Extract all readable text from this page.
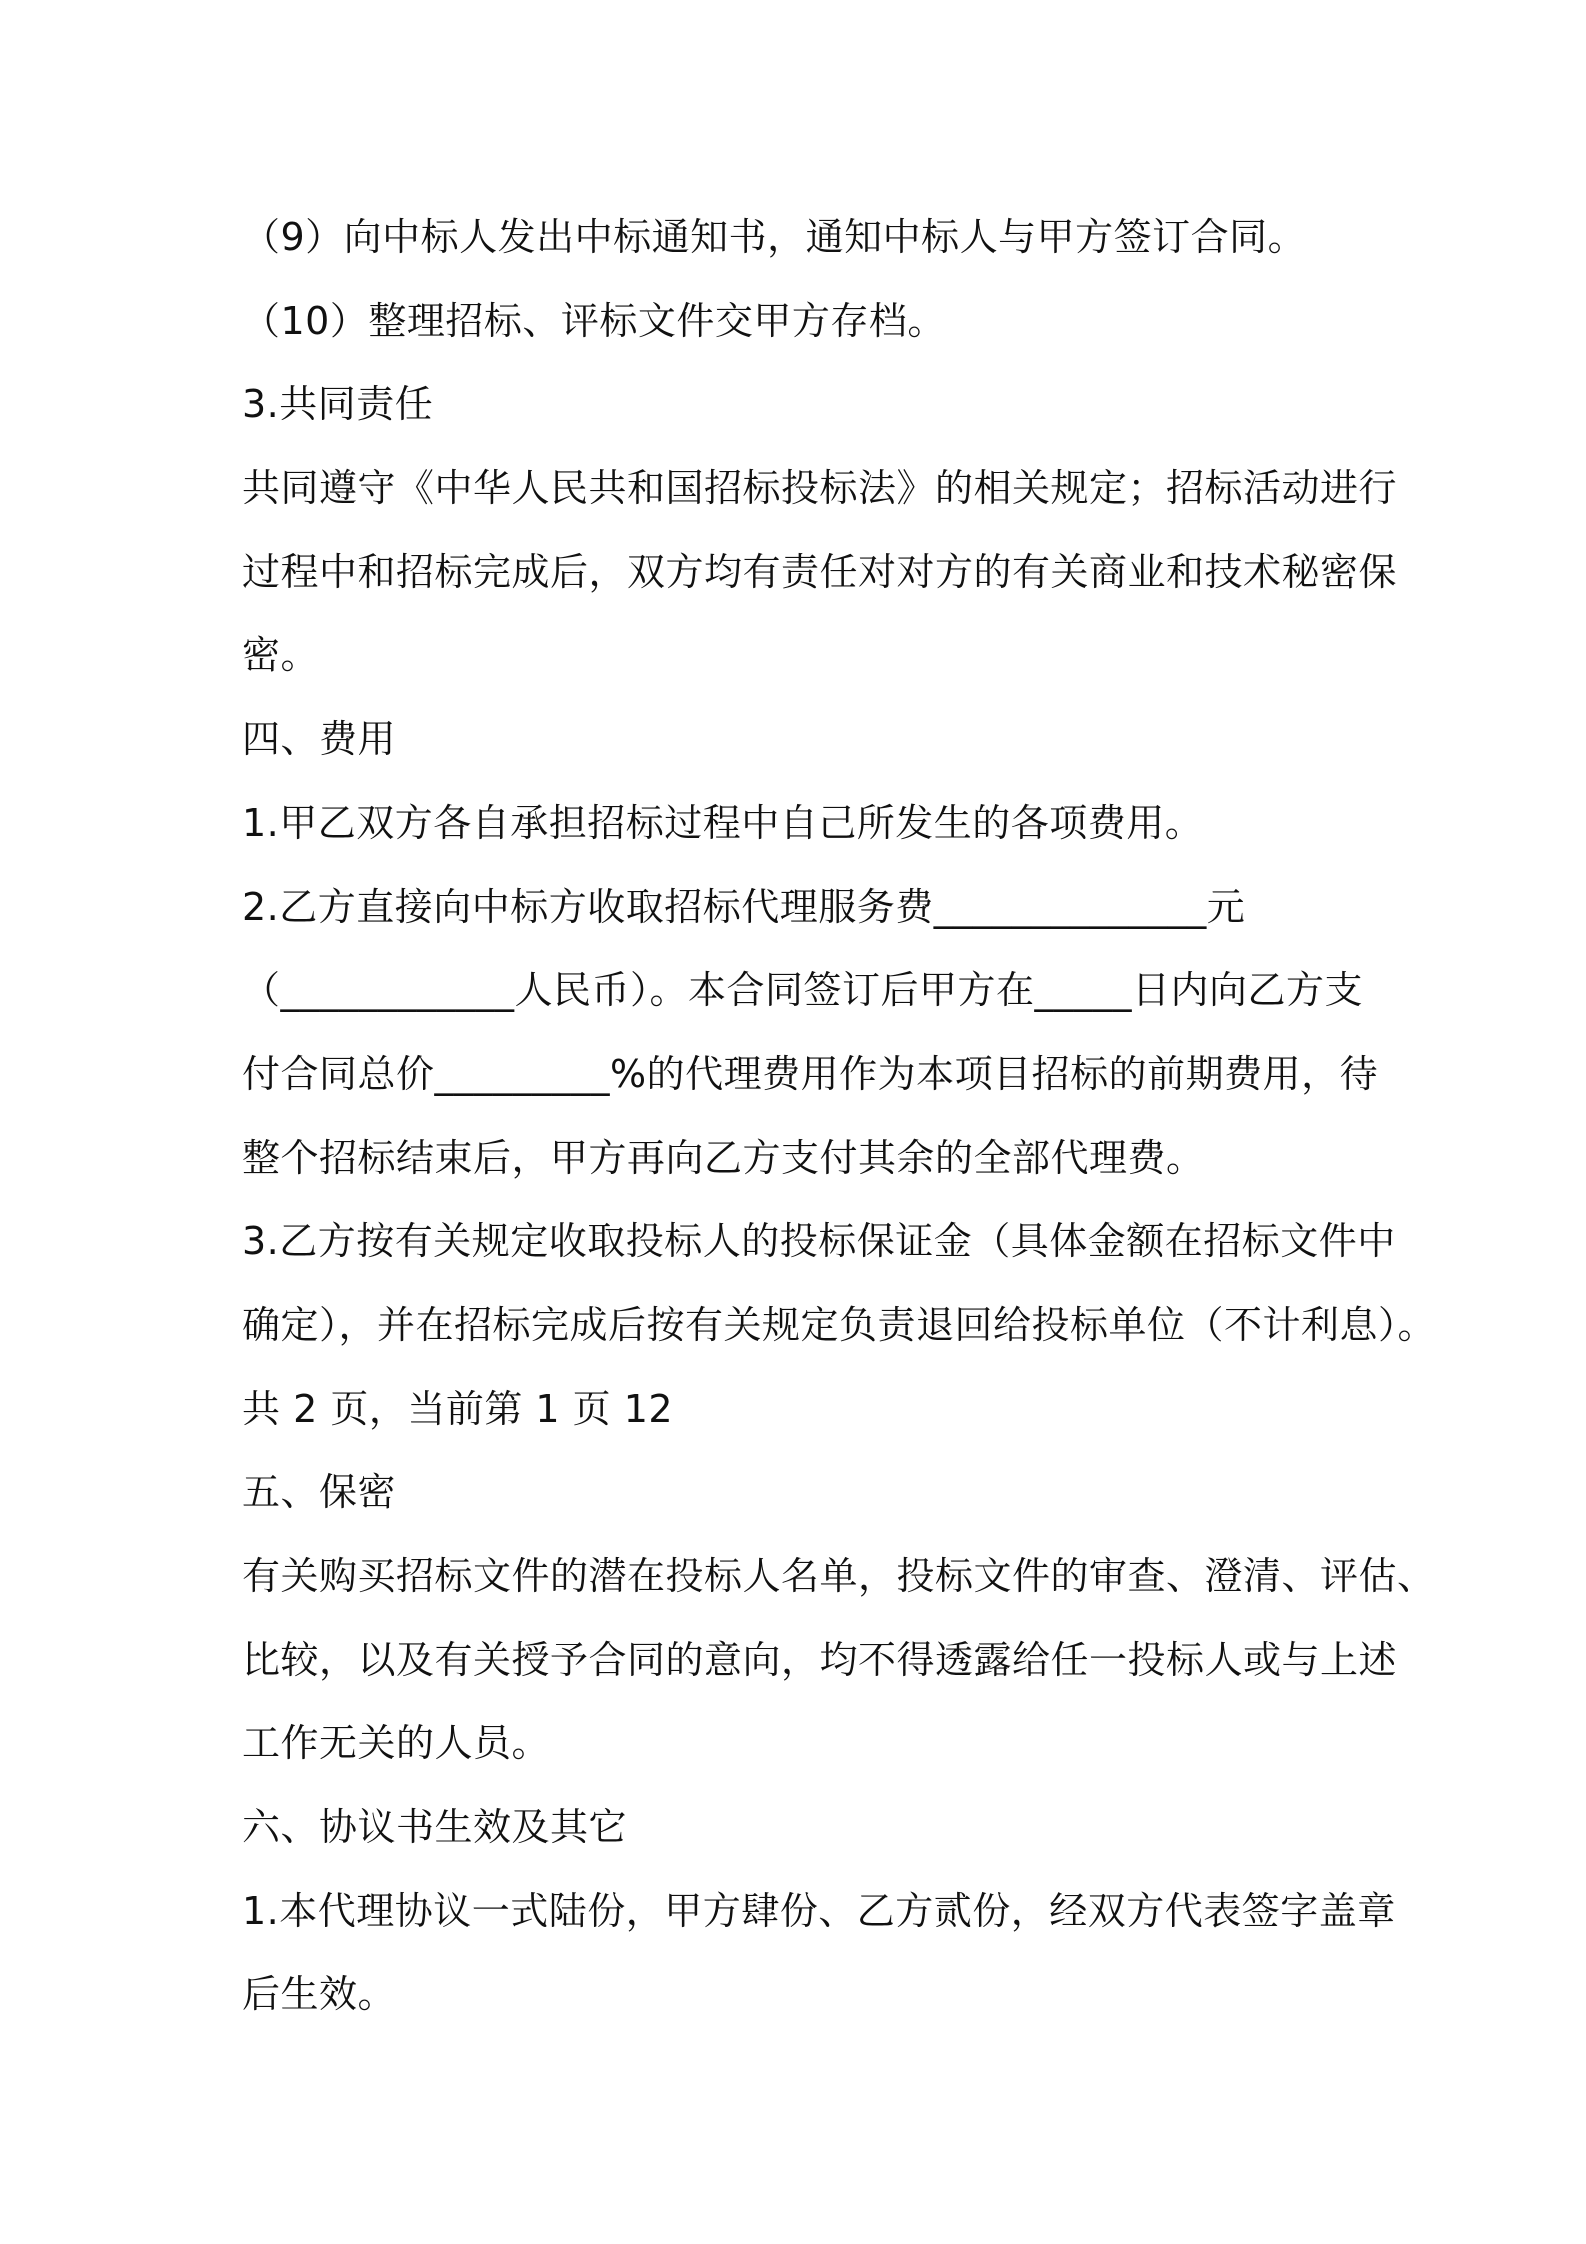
（9）向中标人发出中标通知书，通知中标人与甲方签订合同。
（10）整理招标、评标文件交甲方存档。
3.共同责任
共同遵守《中华人民共和国招标投标法》的相关规定；招标活动进行
过程中和招标完成后，双方均有责任对对方的有关商业和技术秘密保
密。
四、费用
1.甲乙双方各自承担招标过程中自己所发生的各项费用。
2.乙方直接向中标方收取招标代理服务费______________元
（____________人民币）。本合同签订后甲方在_____日内向乙方支
付合同总价_________%的代理费用作为本项目招标的前期费用，待
整个招标结束后，甲方再向乙方支付其余的全部代理费。
3.乙方按有关规定收取投标人的投标保证金（具体金额在招标文件中
确定），并在招标完成后按有关规定负责退回给投标单位（不计利息）。
共 2 页，当前第 1 页 12
五、保密
有关购买招标文件的潜在投标人名单，投标文件的审查、澄清、评估、
比较，以及有关授予合同的意向，均不得透露给任一投标人或与上述
工作无关的人员。
六、协议书生效及其它
1.本代理协议一式陆份，甲方肆份、乙方贰份，经双方代表签字盖章
后生效。
